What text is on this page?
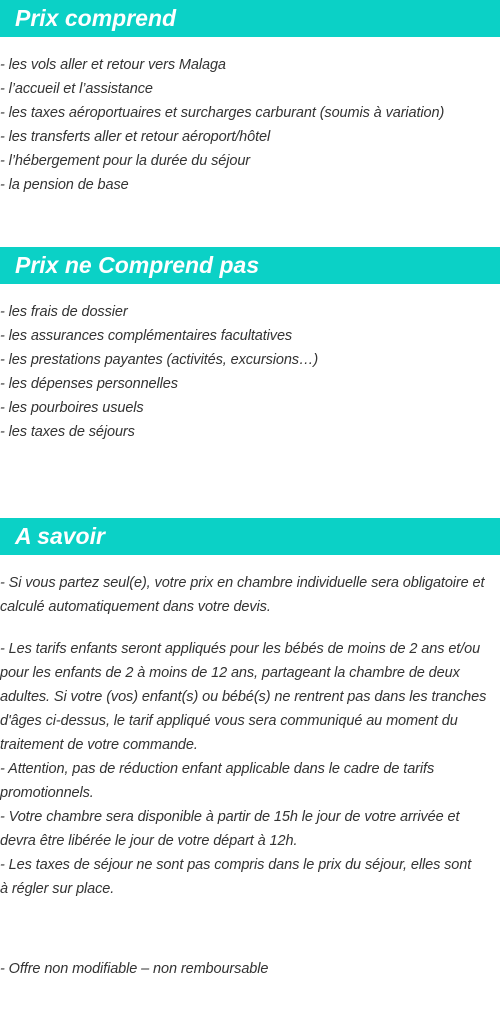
Prix comprend
- les vols aller et retour vers Malaga
- l’accueil et l’assistance
- les taxes aéroportuaires et surcharges carburant (soumis à variation)
- les transferts aller et retour aéroport/hôtel
- l’hébergement pour la durée du séjour
- la pension de base
Prix ne Comprend pas
- les frais de dossier
- les assurances complémentaires facultatives
- les prestations payantes (activités, excursions…)
- les dépenses personnelles
- les pourboires usuels
- les taxes de séjours
A savoir

- Si vous partez seul(e), votre prix en chambre individuelle sera obligatoire et calculé automatiquement dans votre devis.

- Les tarifs enfants seront appliqués pour les bébés de moins de 2 ans et/ou pour les enfants de 2 à moins de 12 ans, partageant la chambre de deux adultes. Si votre (vos) enfant(s) ou bébé(s) ne rentrent pas dans les tranches d'âges ci-dessus, le tarif appliqué vous sera communiqué au moment du traitement de votre commande.

- Attention, pas de réduction enfant applicable dans le cadre de tarifs promotionnels.

- Votre chambre sera disponible à partir de 15h le jour de votre arrivée et devra être libérée le jour de votre départ à 12h.

- Les taxes de séjour ne sont pas compris dans le prix du séjour, elles sont à régler sur place.

- Offre non modifiable – non remboursable
